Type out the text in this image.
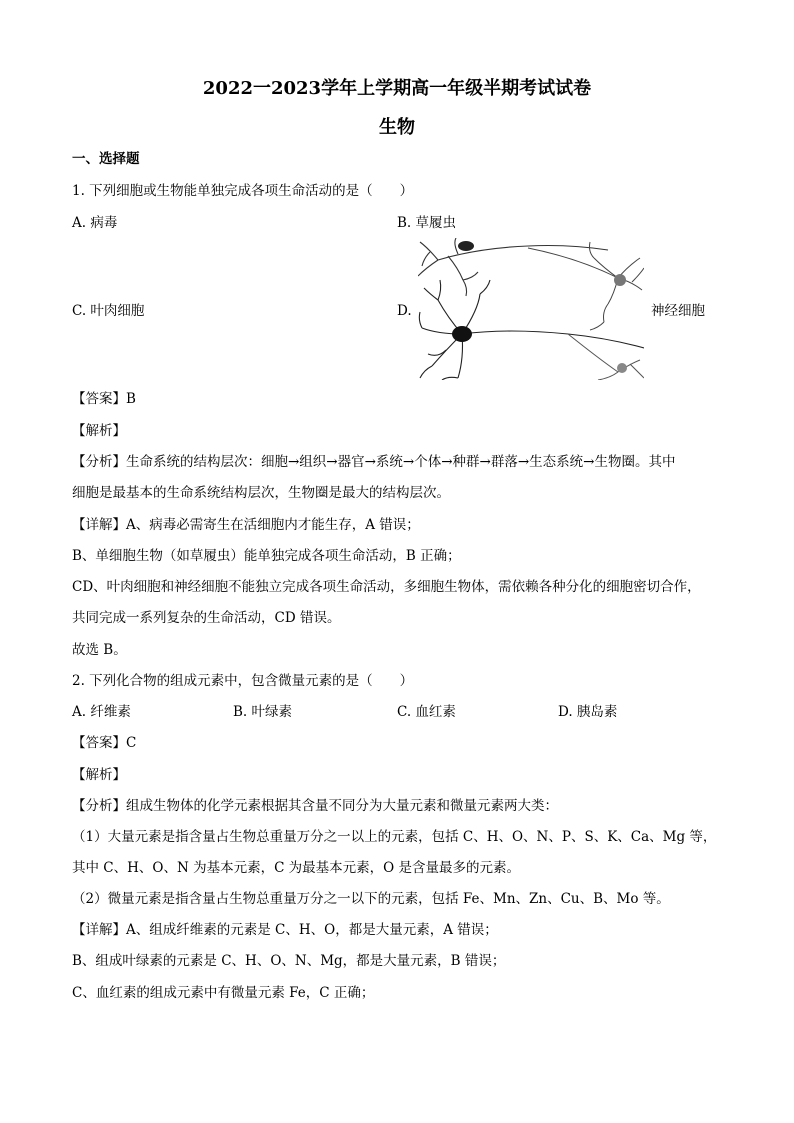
2022一2023学年上学期高一年级半期考试试卷
生物
一、选择题
1. 下列细胞或生物能单独完成各项生命活动的是（　　）
A. 病毒	B. 草履虫
C. 叶肉细胞	D.	神经细胞
【答案】B
【解析】
【分析】生命系统的结构层次：细胞→组织→器官→系统→个体→种群→群落→生态系统→生物圈。其中
细胞是最基本的生命系统结构层次，生物圈是最大的结构层次。
【详解】A、病毒必需寄生在活细胞内才能生存，A 错误；
B、单细胞生物（如草履虫）能单独完成各项生命活动，B 正确；
CD、叶肉细胞和神经细胞不能独立完成各项生命活动，多细胞生物体，需依赖各种分化的细胞密切合作，
共同完成一系列复杂的生命活动，CD 错误。
故选 B。
2. 下列化合物的组成元素中，包含微量元素的是（　　）
A. 纤维素	B. 叶绿素	C. 血红素	D. 胰岛素
【答案】C
【解析】
【分析】组成生物体的化学元素根据其含量不同分为大量元素和微量元素两大类：
（1）大量元素是指含量占生物总重量万分之一以上的元素，包括 C、H、O、N、P、S、K、Ca、Mg 等，
其中 C、H、O、N 为基本元素，C 为最基本元素，O 是含量最多的元素。
（2）微量元素是指含量占生物总重量万分之一以下的元素，包括 Fe、Mn、Zn、Cu、B、Mo 等。
【详解】A、组成纤维素的元素是 C、H、O，都是大量元素，A 错误；
B、组成叶绿素的元素是 C、H、O、N、Mg，都是大量元素，B 错误；
C、血红素的组成元素中有微量元素 Fe，C 正确；
